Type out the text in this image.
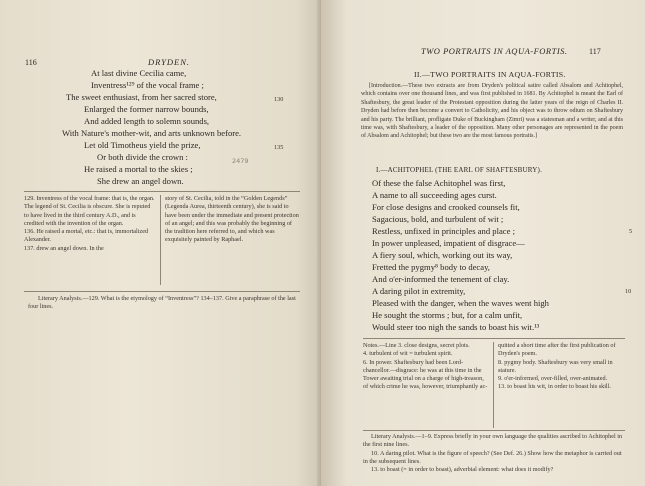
116	DRYDEN.
At last divine Cecilia came,
Inventress¹²⁹ of the vocal frame ;
The sweet enthusiast, from her sacred store,
Enlarged the former narrow bounds,
And added length to solemn sounds,
With Nature's mother-wit, and arts unknown before.
Let old Timotheus yield the prize,
Or both divide the crown :
He raised a mortal to the skies ;
She drew an angel down.
130
135
2479

129. Inventress of the vocal frame: that is, the organ. The legend of St. Cecilia is obscure. She is reputed to have lived in the third century A.D., and is credited with the invention of the organ.

136. He raised a mortal, etc.: that is, immortalized Alexander.

137. drew an angel down. In the

story of St. Cecilia, told in the “Golden Legends” (Legenda Aurea, thirteenth century), she is said to have been under the immediate and present protection of an angel; and this was probably the beginning of the tradition here referred to, and which was exquisitely painted by Raphael.

Literary Analysis.—129. What is the etymology of “Inventress”? 134–137. Give a paraphrase of the last four lines.
TWO PORTRAITS IN AQUA-FORTIS.	117
II.—TWO PORTRAITS IN AQUA-FORTIS.
[Introduction.—These two extracts are from Dryden's political satire called Absalom and Achitophel, which contains over one thousand lines, and was first published in 1681. By Achitophel is meant the Earl of Shaftesbury, the great leader of the Protestant opposition during the latter years of the reign of Charles II. Dryden had before then become a convert to Catholicity, and his object was to throw odium on Shaftesbury and his party. The brilliant, profligate Duke of Buckingham (Zimri) was a statesman and a writer, and at this time was, with Shaftesbury, a leader of the opposition. Many other personages are represented in the poem of Absalom and Achitophel; but these two are the most famous portraits.]
I.—ACHITOPHEL (THE EARL OF SHAFTESBURY).
Of these the false Achitophel was first,
A name to all succeeding ages curst.
For close designs and crooked counsels fit,
Sagacious, bold, and turbulent of wit ;
Restless, unfixed in principles and place ;
In power unpleased, impatient of disgrace—
A fiery soul, which, working out its way,
Fretted the pygmy⁸ body to decay,
And o'er-informed the tenement of clay.
A daring pilot in extremity,
Pleased with the danger, when the waves went high
He sought the storms ; but, for a calm unfit,
Would steer too nigh the sands to boast his wit.¹³
5
10

Notes.—Line 3. close designs, secret plots.

4. turbulent of wit = turbulent spirit.

6. In power. Shaftesbury had been Lord-chancellor.—disgrace: he was at this time in the Tower awaiting trial on a charge of high-treason, of which crime he was, however, triumphantly ac-

quitted a short time after the first publication of Dryden's poem.

8. pygmy body. Shaftesbury was very small in stature.

9. o'er-informed, over-filled, over-animated.

13. to boast his wit, in order to boast his skill.

Literary Analysis.—1–9. Express briefly in your own language the qualities ascribed to Achitophel in the first nine lines.

10. A daring pilot. What is the figure of speech? (See Def. 26.) Show how the metaphor is carried out in the subsequent lines.

13. to boast (= in order to boast), adverbial element: what does it modify?
